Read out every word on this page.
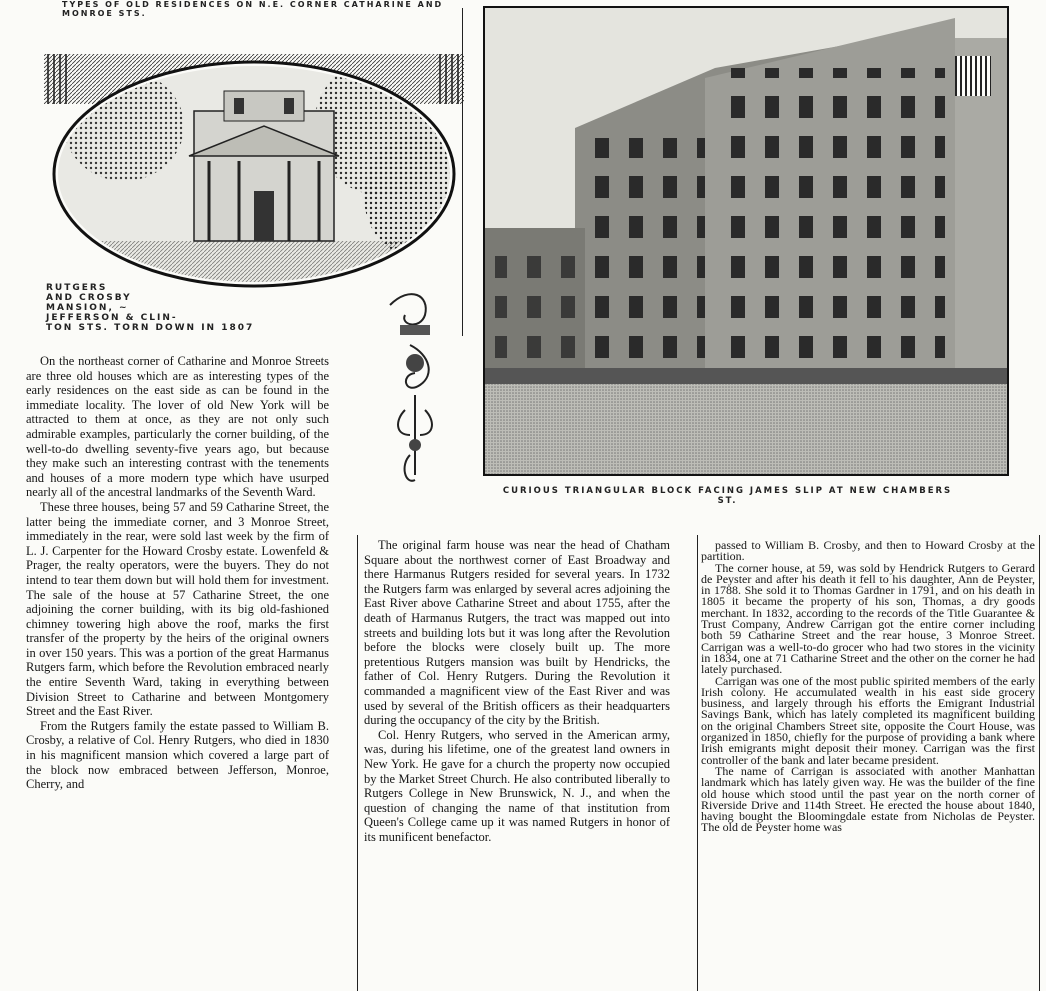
TYPES OF OLD RESIDENCES ON N.E. CORNER CATHARINE AND MONROE STS.
RUTGERS
AND CROSBY
MANSION, ~
JEFFERSON & CLIN-
TON STS. TORN DOWN IN 1807
CURIOUS TRIANGULAR BLOCK FACING JAMES SLIP AT NEW CHAMBERS ST.

On the northeast corner of Catharine and Monroe Streets are three old houses which are as interesting types of the early residences on the east side as can be found in the immediate locality. The lover of old New York will be attracted to them at once, as they are not only such admirable examples, particularly the corner building, of the well-to-do dwelling seventy-five years ago, but because they make such an interesting contrast with the tenements and houses of a more modern type which have usurped nearly all of the ancestral landmarks of the Seventh Ward.

These three houses, being 57 and 59 Catharine Street, the latter being the immediate corner, and 3 Monroe Street, immediately in the rear, were sold last week by the firm of L. J. Carpenter for the Howard Crosby estate. Lowenfeld & Prager, the realty operators, were the buyers. They do not intend to tear them down but will hold them for investment. The sale of the house at 57 Catharine Street, the one adjoining the corner building, with its big old-fashioned chimney towering high above the roof, marks the first transfer of the property by the heirs of the original owners in over 150 years. This was a portion of the great Harmanus Rutgers farm, which before the Revolution embraced nearly the entire Seventh Ward, taking in everything between Division Street to Catharine and between Montgomery Street and the East River.

From the Rutgers family the estate passed to William B. Crosby, a relative of Col. Henry Rutgers, who died in 1830 in his magnificent mansion which covered a large part of the block now embraced between Jefferson, Monroe, Cherry, and

The original farm house was near the head of Chatham Square about the northwest corner of East Broadway and there Harmanus Rutgers resided for several years. In 1732 the Rutgers farm was enlarged by several acres adjoining the East River above Catharine Street and about 1755, after the death of Harmanus Rutgers, the tract was mapped out into streets and building lots but it was long after the Revolution before the blocks were closely built up. The more pretentious Rutgers mansion was built by Hendricks, the father of Col. Henry Rutgers. During the Revolution it commanded a magnificent view of the East River and was used by several of the British officers as their headquarters during the occupancy of the city by the British.

Col. Henry Rutgers, who served in the American army, was, during his lifetime, one of the greatest land owners in New York. He gave for a church the property now occupied by the Market Street Church. He also contributed liberally to Rutgers College in New Brunswick, N. J., and when the question of changing the name of that institution from Queen's College came up it was named Rutgers in honor of its munificent benefactor.

passed to William B. Crosby, and then to Howard Crosby at the partition.

The corner house, at 59, was sold by Hendrick Rutgers to Gerard de Peyster and after his death it fell to his daughter, Ann de Peyster, in 1788. She sold it to Thomas Gardner in 1791, and on his death in 1805 it became the property of his son, Thomas, a dry goods merchant. In 1832, according to the records of the Title Guarantee & Trust Company, Andrew Carrigan got the entire corner including both 59 Catharine Street and the rear house, 3 Monroe Street. Carrigan was a well-to-do grocer who had two stores in the vicinity in 1834, one at 71 Catharine Street and the other on the corner he had lately purchased.

Carrigan was one of the most public spirited members of the early Irish colony. He accumulated wealth in his east side grocery business, and largely through his efforts the Emigrant Industrial Savings Bank, which has lately completed its magnificent building on the original Chambers Street site, opposite the Court House, was organized in 1850, chiefly for the purpose of providing a bank where Irish emigrants might deposit their money. Carrigan was the first controller of the bank and later became president.

The name of Carrigan is associated with another Manhattan landmark which has lately given way. He was the builder of the fine old house which stood until the past year on the north corner of Riverside Drive and 114th Street. He erected the house about 1840, having bought the Bloomingdale estate from Nicholas de Peyster. The old de Peyster home was
